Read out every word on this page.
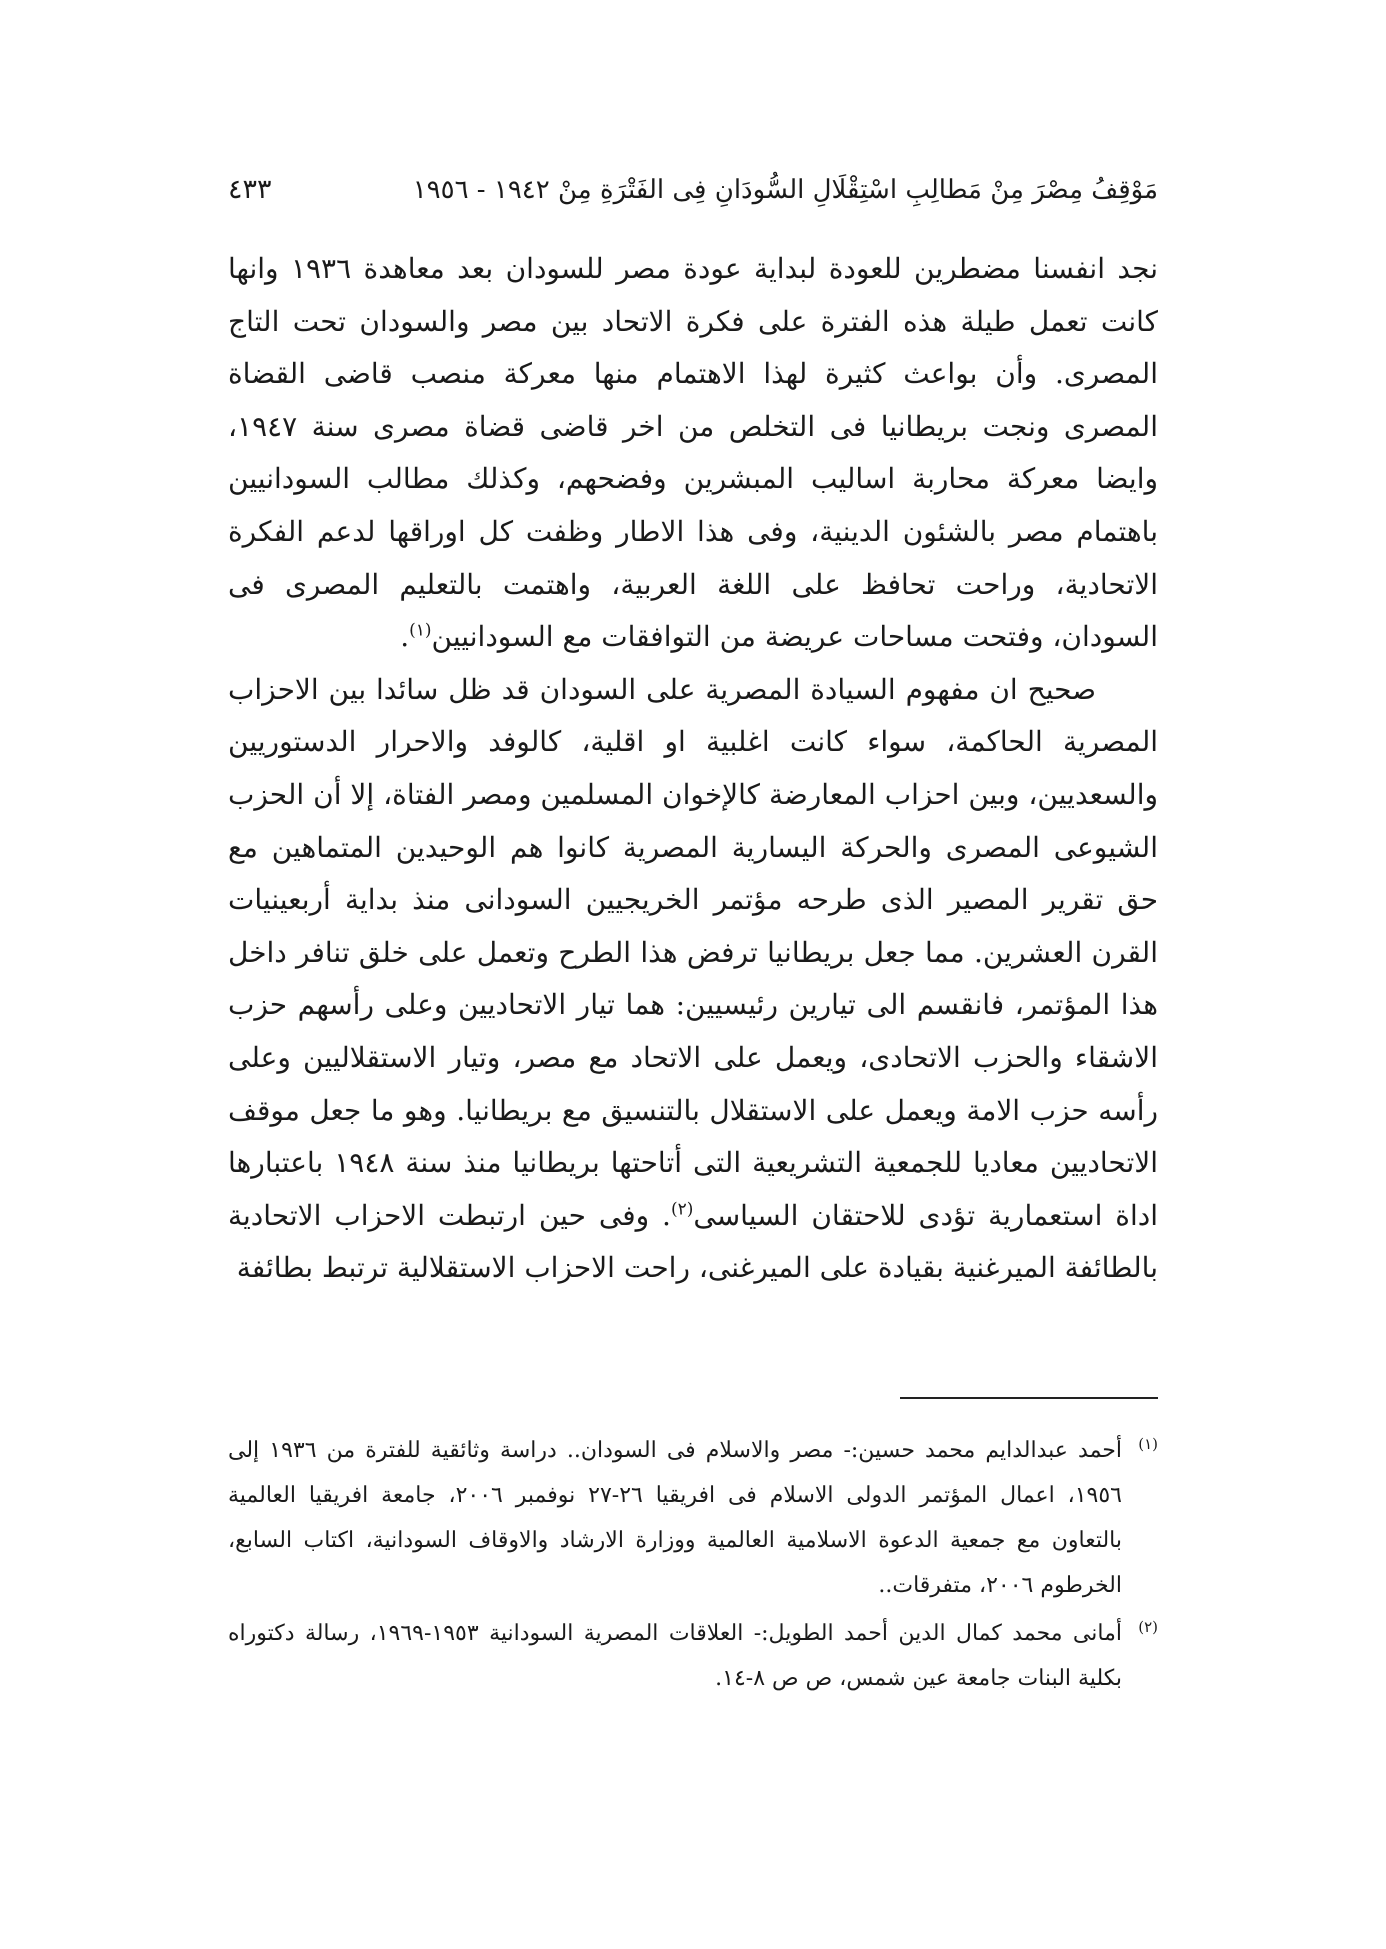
مَوْقِفُ مِصْرَ مِنْ مَطالِبِ اسْتِقْلَالِ السُّودَانِ فِى الفَتْرَةِ مِنْ ١٩٤٢ - ١٩٥٦
٤٣٣

نجد انفسنا مضطرين للعودة لبداية عودة مصر للسودان بعد معاهدة ١٩٣٦ وانها كانت تعمل طيلة هذه الفترة على فكرة الاتحاد بين مصر والسودان تحت التاج المصرى. وأن بواعث كثيرة لهذا الاهتمام منها معركة منصب قاضى القضاة المصرى ونجت بريطانيا فى التخلص من اخر قاضى قضاة مصرى سنة ١٩٤٧، وايضا معركة محاربة اساليب المبشرين وفضحهم، وكذلك مطالب السودانيين باهتمام مصر بالشئون الدينية، وفى هذا الاطار وظفت كل اوراقها لدعم الفكرة الاتحادية، وراحت تحافظ على اللغة العربية، واهتمت بالتعليم المصرى فى السودان، وفتحت مساحات عريضة من التوافقات مع السودانيين$^{(١)}$.

صحيح ان مفهوم السيادة المصرية على السودان قد ظل سائدا بين الاحزاب المصرية الحاكمة، سواء كانت اغلبية او اقلية، كالوفد والاحرار الدستوريين والسعديين، وبين احزاب المعارضة كالإخوان المسلمين ومصر الفتاة، إلا أن الحزب الشيوعى المصرى والحركة اليسارية المصرية كانوا هم الوحيدين المتماهين مع حق تقرير المصير الذى طرحه مؤتمر الخريجيين السودانى منذ بداية أربعينيات القرن العشرين. مما جعل بريطانيا ترفض هذا الطرح وتعمل على خلق تنافر داخل هذا المؤتمر، فانقسم الى تيارين رئيسيين: هما تيار الاتحاديين وعلى رأسهم حزب الاشقاء والحزب الاتحادى، ويعمل على الاتحاد مع مصر، وتيار الاستقلاليين وعلى رأسه حزب الامة ويعمل على الاستقلال بالتنسيق مع بريطانيا. وهو ما جعل موقف الاتحاديين معاديا للجمعية التشريعية التى أتاحتها بريطانيا منذ سنة ١٩٤٨ باعتبارها اداة استعمارية تؤدى للاحتقان السياسى$^{(٢)}$. وفى حين ارتبطت الاحزاب الاتحادية بالطائفة الميرغنية بقيادة على الميرغنى، راحت الاحزاب الاستقلالية ترتبط بطائفة

(١)أحمد عبدالدايم محمد حسين:- مصر والاسلام فى السودان.. دراسة وثائقية للفترة من ١٩٣٦ إلى ١٩٥٦، اعمال المؤتمر الدولى الاسلام فى افريقيا ٢٦-٢٧ نوفمبر ٢٠٠٦، جامعة افريقيا العالمية بالتعاون مع جمعية الدعوة الاسلامية العالمية ووزارة الارشاد والاوقاف السودانية، اكتاب السابع، الخرطوم ٢٠٠٦، متفرقات..

(٢)أمانى محمد كمال الدين أحمد الطويل:- العلاقات المصرية السودانية ١٩٥٣-١٩٦٩، رسالة دكتوراه بكلية البنات جامعة عين شمس، ص ص ٨-١٤.
